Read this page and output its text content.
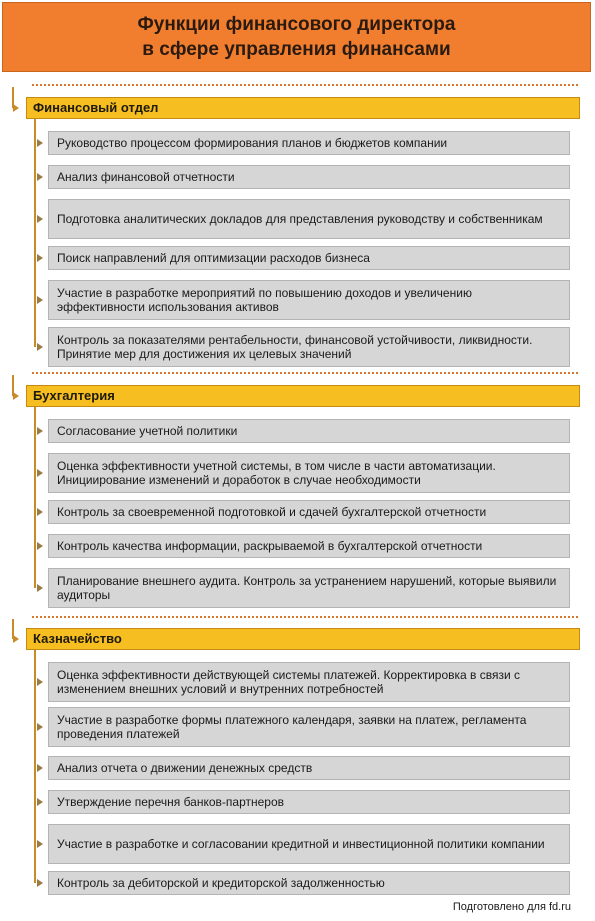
Функции финансового директора
в сфере управления финансами
Финансовый отдел
Руководство процессом формирования планов и бюджетов компании
Анализ финансовой отчетности
Подготовка аналитических докладов для представления руководству и собственникам
Поиск направлений для оптимизации расходов бизнеса
Участие в разработке мероприятий по повышению доходов и увеличению эффективности использования активов
Контроль за показателями рентабельности, финансовой устойчивости, ликвидности. Принятие мер для достижения их целевых значений
Бухгалтерия
Согласование учетной политики
Оценка эффективности учетной системы, в том числе в части автоматизации. Инициирование изменений и доработок в случае необходимости
Контроль за своевременной подготовкой и сдачей бухгалтерской отчетности
Контроль качества информации, раскрываемой в бухгалтерской отчетности
Планирование внешнего аудита. Контроль за устранением нарушений, которые выявили аудиторы
Казначейство
Оценка эффективности действующей системы платежей. Корректировка в связи с изменением внешних условий и внутренних потребностей
Участие в разработке формы платежного календаря, заявки на платеж, регламента проведения платежей
Анализ отчета о движении денежных средств
Утверждение перечня банков-партнеров
Участие в разработке и согласовании кредитной и инвестиционной политики компании
Контроль за дебиторской и кредиторской задолженностью
Подготовлено для fd.ru
